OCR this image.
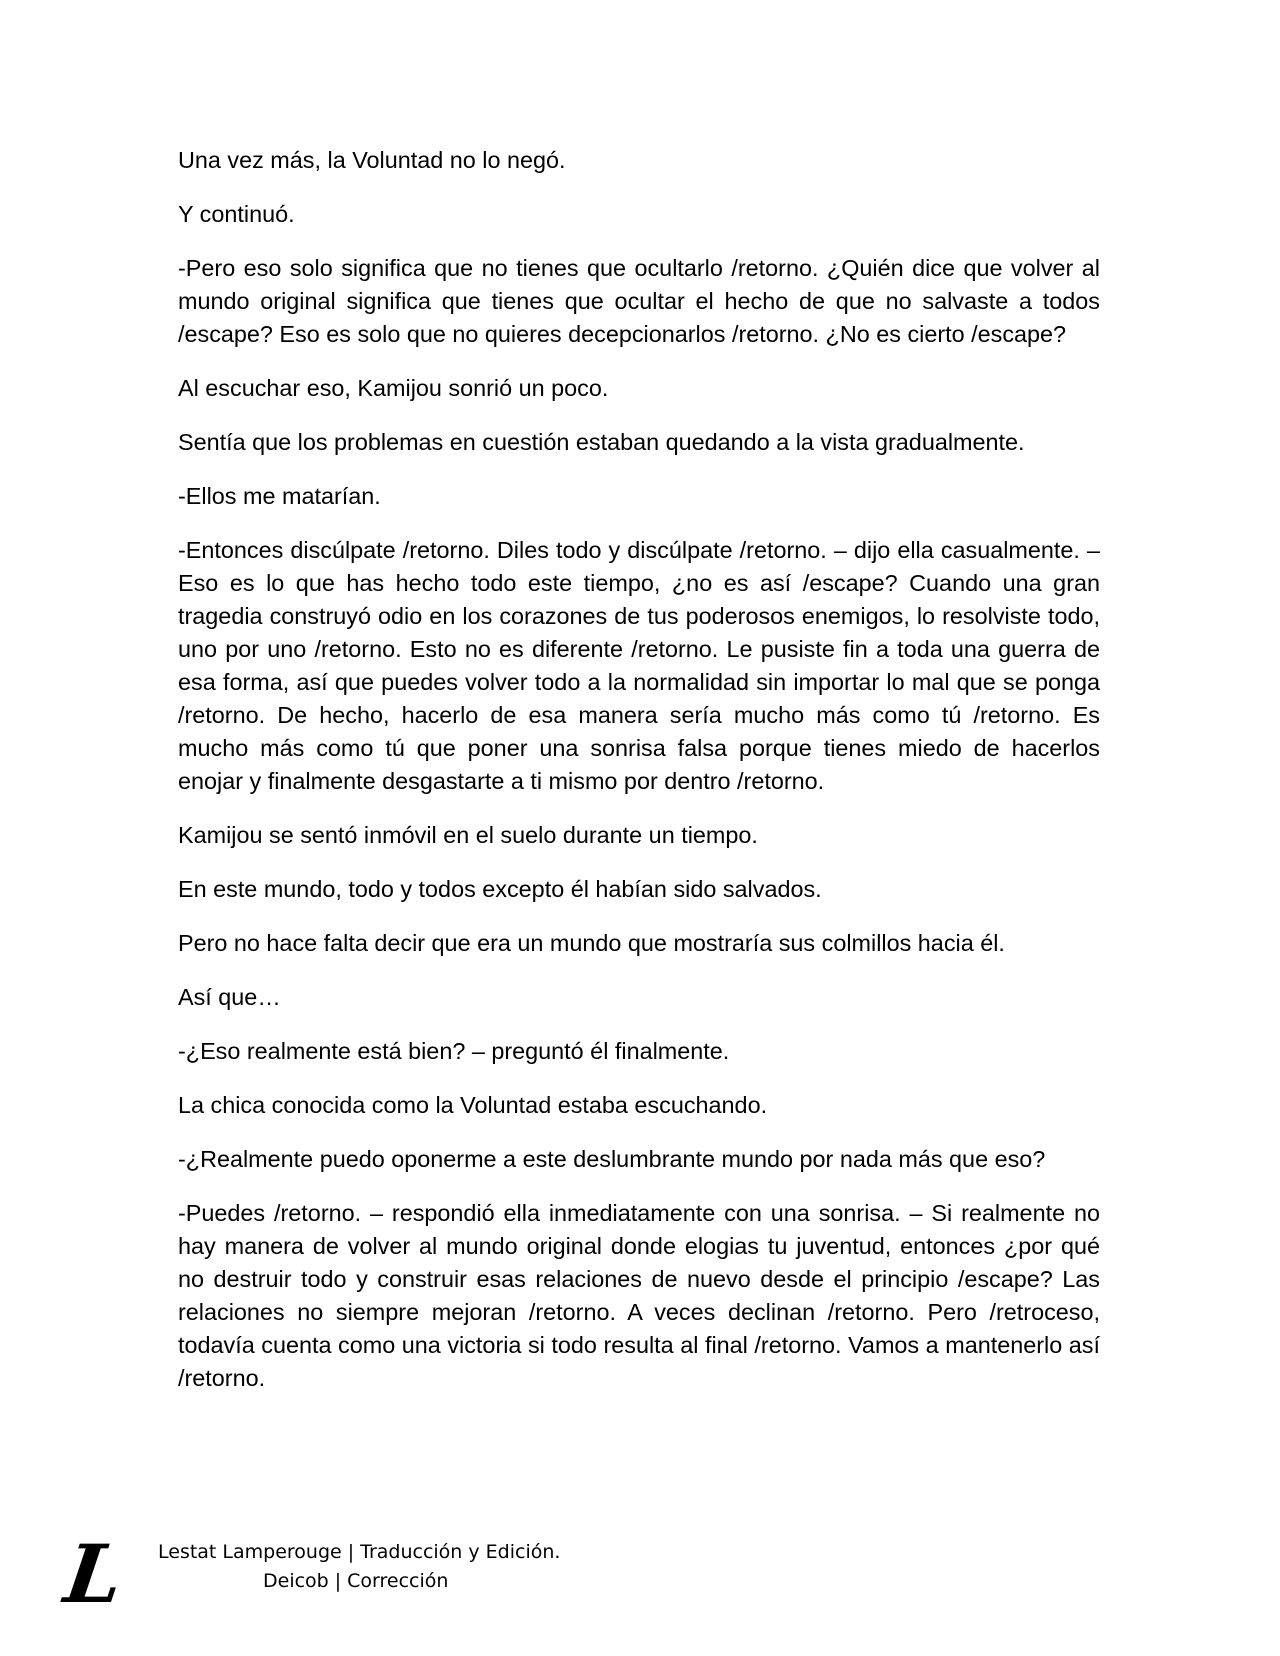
Una vez más, la Voluntad no lo negó.

Y continuó.

-Pero eso solo significa que no tienes que ocultarlo /retorno. ¿Quién dice que volver al mundo original significa que tienes que ocultar el hecho de que no salvaste a todos /escape? Eso es solo que no quieres decepcionarlos /retorno. ¿No es cierto /escape?

Al escuchar eso, Kamijou sonrió un poco.

Sentía que los problemas en cuestión estaban quedando a la vista gradualmente.

-Ellos me matarían.

-Entonces discúlpate /retorno. Diles todo y discúlpate /retorno. – dijo ella casualmente. – Eso es lo que has hecho todo este tiempo, ¿no es así /escape? Cuando una gran tragedia construyó odio en los corazones de tus poderosos enemigos, lo resolviste todo, uno por uno /retorno. Esto no es diferente /retorno. Le pusiste fin a toda una guerra de esa forma, así que puedes volver todo a la normalidad sin importar lo mal que se ponga /retorno. De hecho, hacerlo de esa manera sería mucho más como tú /retorno. Es mucho más como tú que poner una sonrisa falsa porque tienes miedo de hacerlos enojar y finalmente desgastarte a ti mismo por dentro /retorno.

Kamijou se sentó inmóvil en el suelo durante un tiempo.

En este mundo, todo y todos excepto él habían sido salvados.

Pero no hace falta decir que era un mundo que mostraría sus colmillos hacia él.

Así que…

-¿Eso realmente está bien? – preguntó él finalmente.

La chica conocida como la Voluntad estaba escuchando.

-¿Realmente puedo oponerme a este deslumbrante mundo por nada más que eso?

-Puedes /retorno. – respondió ella inmediatamente con una sonrisa. – Si realmente no hay manera de volver al mundo original donde elogias tu juventud, entonces ¿por qué no destruir todo y construir esas relaciones de nuevo desde el principio /escape? Las relaciones no siempre mejoran /retorno. A veces declinan /retorno. Pero /retroceso, todavía cuenta como una victoria si todo resulta al final /retorno. Vamos a mantenerlo así /retorno.

L	Lestat Lamperouge | Traducción y Edición.
Deicob | Corrección
